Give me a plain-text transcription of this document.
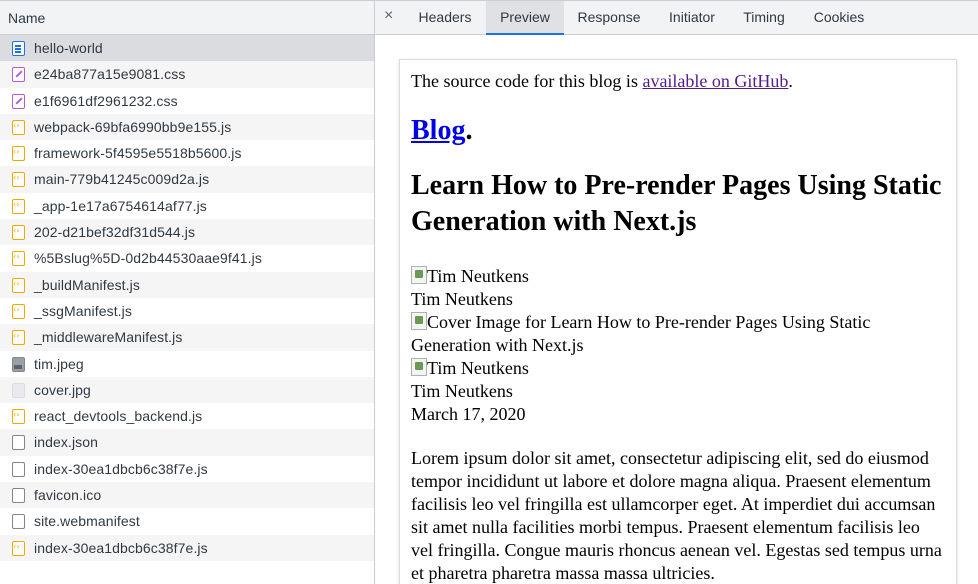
Name
hello-world
e24ba877a15e9081.css
e1f6961df2961232.css
‹›
webpack-69bfa6990bb9e155.js
‹›
framework-5f4595e5518b5600.js
‹›
main-779b41245c009d2a.js
‹›
_app-1e17a6754614af77.js
‹›
202-d21bef32df31d544.js
‹›
%5Bslug%5D-0d2b44530aae9f41.js
‹›
_buildManifest.js
‹›
_ssgManifest.js
‹›
_middlewareManifest.js
tim.jpeg
cover.jpg
‹›
react_devtools_backend.js
index.json
index-30ea1dbcb6c38f7e.js
favicon.ico
site.webmanifest
‹›
index-30ea1dbcb6c38f7e.js
×	Headers	Preview	Response	Initiator	Timing	Cookies
The source code for this blog is available on GitHub.
Blog.
Learn How to Pre-render Pages Using Static Generation with Next.js
Tim Neutkens
Tim Neutkens
Cover Image for Learn How to Pre-render Pages Using Static Generation with Next.js
Tim Neutkens
Tim Neutkens
March 17, 2020
Lorem ipsum dolor sit amet, consectetur adipiscing elit, sed do eiusmod tempor incididunt ut labore et dolore magna aliqua. Praesent elementum facilisis leo vel fringilla est ullamcorper eget. At imperdiet dui accumsan sit amet nulla facilities morbi tempus. Praesent elementum facilisis leo vel fringilla. Congue mauris rhoncus aenean vel. Egestas sed tempus urna et pharetra pharetra massa massa ultricies.
